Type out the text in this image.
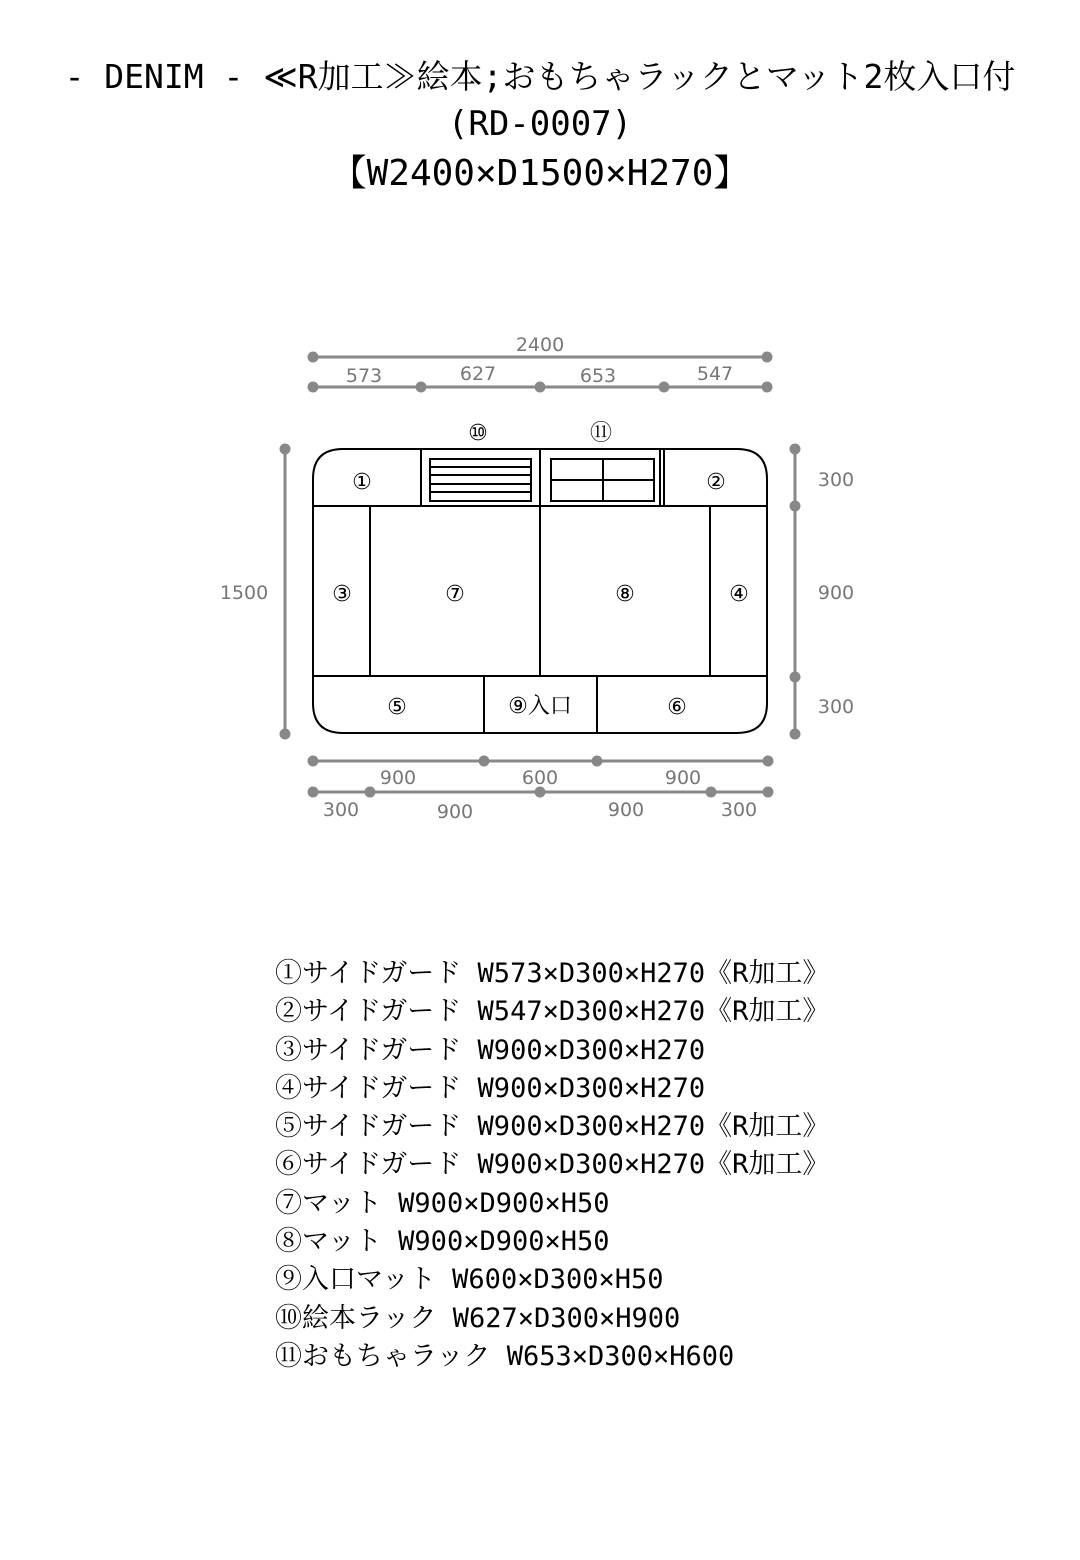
- DENIM - ≪R加工≫絵本;おもちゃラックとマット2枚入口付
(RD-0007)
【W2400×D1500×H270】
2400
573	627	653	547
1500
300
900
300
900	600	900
300	900	900	300
①	②
③	④
⑤	⑥
⑦	⑧
⑨入口
⑩	⑪
①サイドガード W573×D300×H270《R加工》
②サイドガード W547×D300×H270《R加工》
③サイドガード W900×D300×H270
④サイドガード W900×D300×H270
⑤サイドガード W900×D300×H270《R加工》
⑥サイドガード W900×D300×H270《R加工》
⑦マット W900×D900×H50
⑧マット W900×D900×H50
⑨入口マット W600×D300×H50
⑩絵本ラック W627×D300×H900
⑪おもちゃラック W653×D300×H600
